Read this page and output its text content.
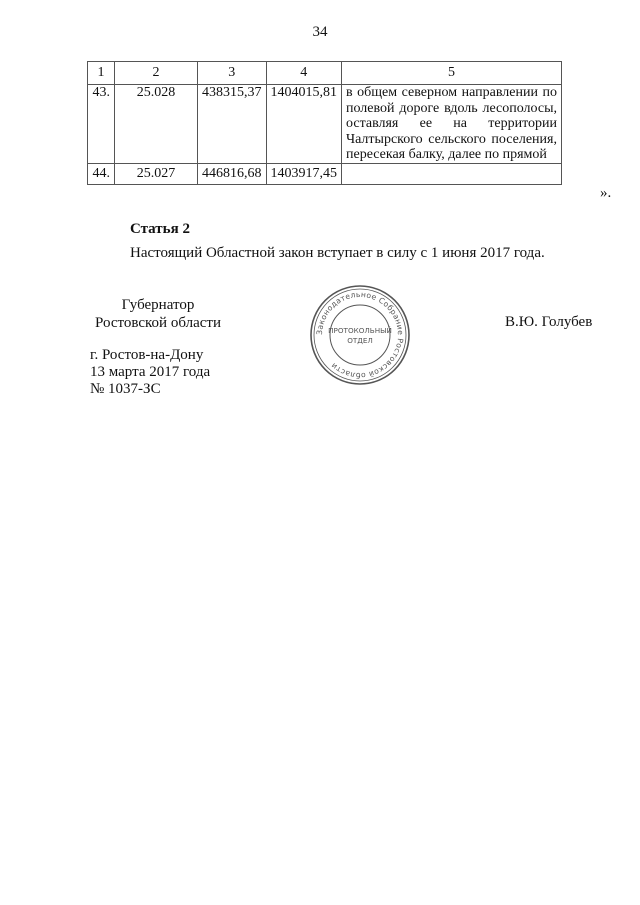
34
1	2	3	4	5
43.	25.028	438315,37	1404015,81	в общем северном направлении по полевой дороге вдоль лесополосы, оставляя ее на территории Чалтырского сельского поселения, пересекая балку, далее по прямой
44.	25.027	446816,68	1403917,45	
».
Статья 2
Настоящий Областной закон вступает в силу с 1 июня 2017 года.
Губернатор
Ростовской области	В.Ю. Голубев
г. Ростов-на-Дону
13 марта 2017 года
№ 1037-ЗС
Законодательное Собрание Ростовской области
ПРОТОКОЛЬНЫЙ
ОТДЕЛ
